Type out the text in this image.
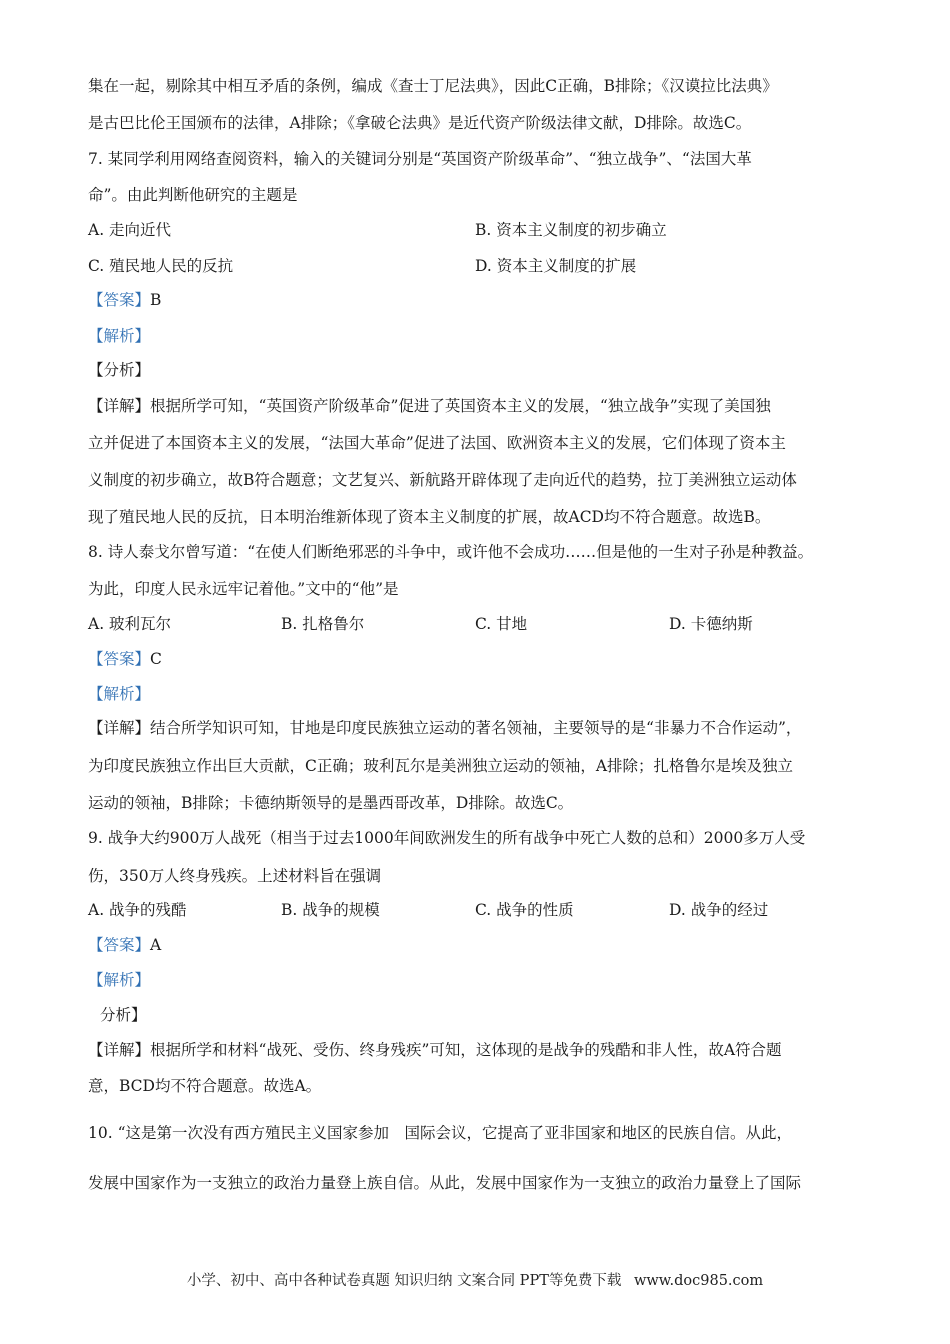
集在一起，剔除其中相互矛盾的条例，编成《查士丁尼法典》，因此C正确，B排除；《汉谟拉比法典》
是古巴比伦王国颁布的法律，A排除；《拿破仑法典》是近代资产阶级法律文献，D排除。故选C。
7. 某同学利用网络查阅资料，输入的关键词分别是“英国资产阶级革命”、“独立战争”、“法国大革
命”。由此判断他研究的主题是
A. 走向近代	B. 资本主义制度的初步确立
C. 殖民地人民的反抗	D. 资本主义制度的扩展
【答案】B
【解析】
【分析】
【详解】根据所学可知，“英国资产阶级革命”促进了英国资本主义的发展，“独立战争”实现了美国独
立并促进了本国资本主义的发展，“法国大革命”促进了法国、欧洲资本主义的发展，它们体现了资本主
义制度的初步确立，故B符合题意；文艺复兴、新航路开辟体现了走向近代的趋势，拉丁美洲独立运动体
现了殖民地人民的反抗，日本明治维新体现了资本主义制度的扩展，故ACD均不符合题意。故选B。
8. 诗人泰戈尔曾写道：“在使人们断绝邪恶的斗争中，或许他不会成功……但是他的一生对子孙是种教益。
为此，印度人民永远牢记着他。”文中的“他”是
A. 玻利瓦尔	B. 扎格鲁尔	C. 甘地	D. 卡德纳斯
【答案】C
【解析】
【详解】结合所学知识可知，甘地是印度民族独立运动的著名领袖，主要领导的是“非暴力不合作运动”，
为印度民族独立作出巨大贡献，C正确；玻利瓦尔是美洲独立运动的领袖，A排除；扎格鲁尔是埃及独立
运动的领袖，B排除；卡德纳斯领导的是墨西哥改革，D排除。故选C。
9. 战争大约900万人战死（相当于过去1000年间欧洲发生的所有战争中死亡人数的总和）2000多万人受
伤，350万人终身残疾。上述材料旨在强调
A. 战争的残酷	B. 战争的规模	C. 战争的性质	D. 战争的经过
【答案】A
【解析】
分析】
【详解】根据所学和材料“战死、受伤、终身残疾”可知，这体现的是战争的残酷和非人性，故A符合题
意，BCD均不符合题意。故选A。
10. “这是第一次没有西方殖民主义国家参加　国际会议，它提高了亚非国家和地区的民族自信。从此，
发展中国家作为一支独立的政治力量登上族自信。从此，发展中国家作为一支独立的政治力量登上了国际
小学、初中、高中各种试卷真题 知识归纳 文案合同 PPT等免费下载 www.doc985.com
